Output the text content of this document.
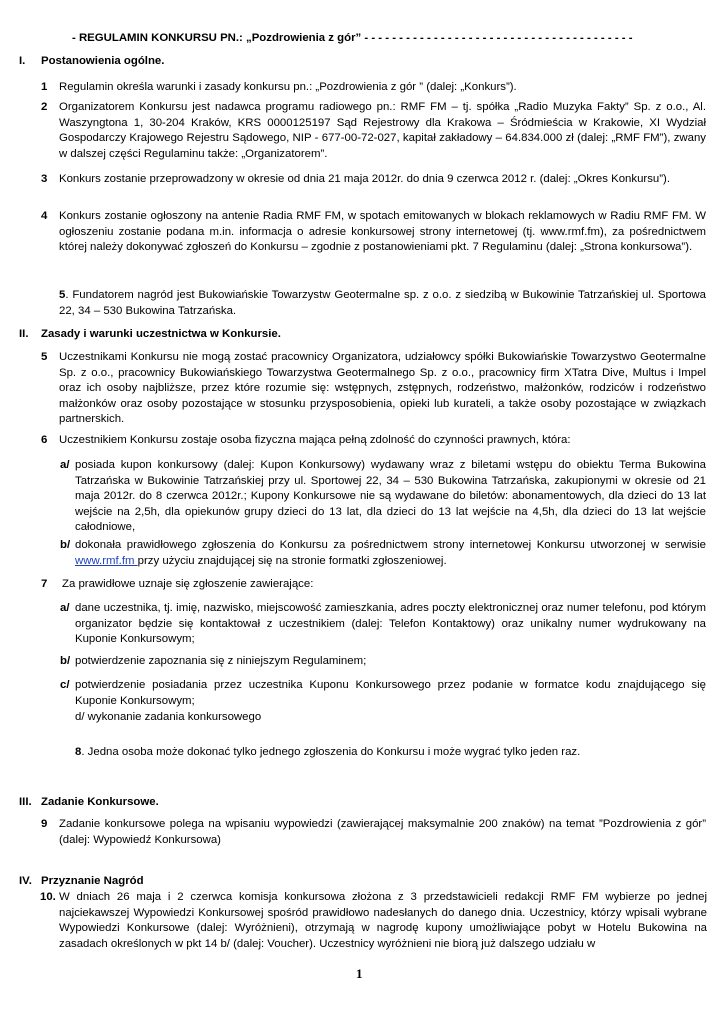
- REGULAMIN KONKURSU PN.: „Pozdrowienia z gór” - - - - - - - - - - - - - - - - - - - - - - - - - - - - - - - - - - - - - - -
I. Postanowienia ogólne.
1 Regulamin określa warunki i zasady konkursu pn.: „Pozdrowienia z gór ” (dalej: „Konkurs”).
2 Organizatorem Konkursu jest nadawca programu radiowego pn.: RMF FM – tj. spółka „Radio Muzyka Fakty” Sp. z o.o., Al. Waszyngtona 1, 30-204 Kraków, KRS 0000125197 Sąd Rejestrowy dla Krakowa – Śródmieścia w Krakowie, XI Wydział Gospodarczy Krajowego Rejestru Sądowego, NIP - 677-00-72-027, kapitał zakładowy – 64.834.000 zł (dalej: „RMF FM”), zwany w dalszej części Regulaminu także: „Organizatorem”.
3 Konkurs zostanie przeprowadzony w okresie od dnia 21 maja 2012r. do dnia 9 czerwca 2012 r. (dalej: „Okres Konkursu”).
4 Konkurs zostanie ogłoszony na antenie Radia RMF FM, w spotach emitowanych w blokach reklamowych w Radiu RMF FM. W ogłoszeniu zostanie podana m.in. informacja o adresie konkursowej strony internetowej (tj. www.rmf.fm), za pośrednictwem której należy dokonywać zgłoszeń do Konkursu – zgodnie z postanowieniami pkt. 7 Regulaminu (dalej: „Strona konkursowa”).
5. Fundatorem nagród jest Bukowiańskie Towarzystw Geotermalne sp. z o.o. z siedzibą w Bukowinie Tatrzańskiej ul. Sportowa 22, 34 – 530 Bukowina Tatrzańska.
II. Zasady i warunki uczestnictwa w Konkursie.
5 Uczestnikami Konkursu nie mogą zostać pracownicy Organizatora, udziałowcy spółki Bukowiańskie Towarzystwo Geotermalne Sp. z o.o., pracownicy Bukowiańskiego Towarzystwa Geotermalnego Sp. z o.o., pracownicy firm XTatra Dive, Multus i Impel oraz ich osoby najbliższe, przez które rozumie się: wstępnych, zstępnych, rodzeństwo, małżonków, rodziców i rodzeństwo małżonków oraz osoby pozostające w stosunku przysposobienia, opieki lub kurateli, a także osoby pozostające w związkach partnerskich.
6 Uczestnikiem Konkursu zostaje osoba fizyczna mająca pełną zdolność do czynności prawnych, która:
a/ posiada kupon konkursowy (dalej: Kupon Konkursowy) wydawany wraz z biletami wstępu do obiektu Terma Bukowina Tatrzańska w Bukowinie Tatrzańskiej przy ul. Sportowej 22, 34 – 530 Bukowina Tatrzańska, zakupionymi w okresie od 21 maja 2012r. do 8 czerwca 2012r.; Kupony Konkursowe nie są wydawane do biletów: abonamentowych, dla dzieci do 13 lat wejście na 2,5h, dla opiekunów grupy dzieci do 13 lat, dla dzieci do 13 lat wejście na 4,5h, dla dzieci do 13 lat wejście całodniowe,
b/ dokonała prawidłowego zgłoszenia do Konkursu za pośrednictwem strony internetowej Konkursu utworzonej w serwisie www.rmf.fm przy użyciu znajdującej się na stronie formatki zgłoszeniowej.
7 Za prawidłowe uznaje się zgłoszenie zawierające:
a/ dane uczestnika, tj. imię, nazwisko, miejscowość zamieszkania, adres poczty elektronicznej oraz numer telefonu, pod którym organizator będzie się kontaktował z uczestnikiem (dalej: Telefon Kontaktowy) oraz unikalny numer wydrukowany na Kuponie Konkursowym;
b/ potwierdzenie zapoznania się z niniejszym Regulaminem;
c/ potwierdzenie posiadania przez uczestnika Kuponu Konkursowego przez podanie w formatce kodu znajdującego się Kuponie Konkursowym;
d/ wykonanie zadania konkursowego
8. Jedna osoba może dokonać tylko jednego zgłoszenia do Konkursu i może wygrać tylko jeden raz.
III. Zadanie Konkursowe.
9 Zadanie konkursowe polega na wpisaniu wypowiedzi (zawierającej maksymalnie 200 znaków) na temat ”Pozdrowienia z gór” (dalej: Wypowiedź Konkursowa)
IV. Przyznanie Nagród
10. W dniach 26 maja i 2 czerwca komisja konkursowa złożona z 3 przedstawicieli redakcji RMF FM wybierze po jednej najciekawszej Wypowiedzi Konkursowej spośród prawidłowo nadesłanych do danego dnia. Uczestnicy, którzy wpisali wybrane Wypowiedzi Konkursowe (dalej: Wyróżnieni), otrzymają w nagrodę kupony umożliwiające pobyt w Hotelu Bukowina na zasadach określonych w pkt 14 b/ (dalej: Voucher). Uczestnicy wyróżnieni nie biorą już dalszego udziału w
1
